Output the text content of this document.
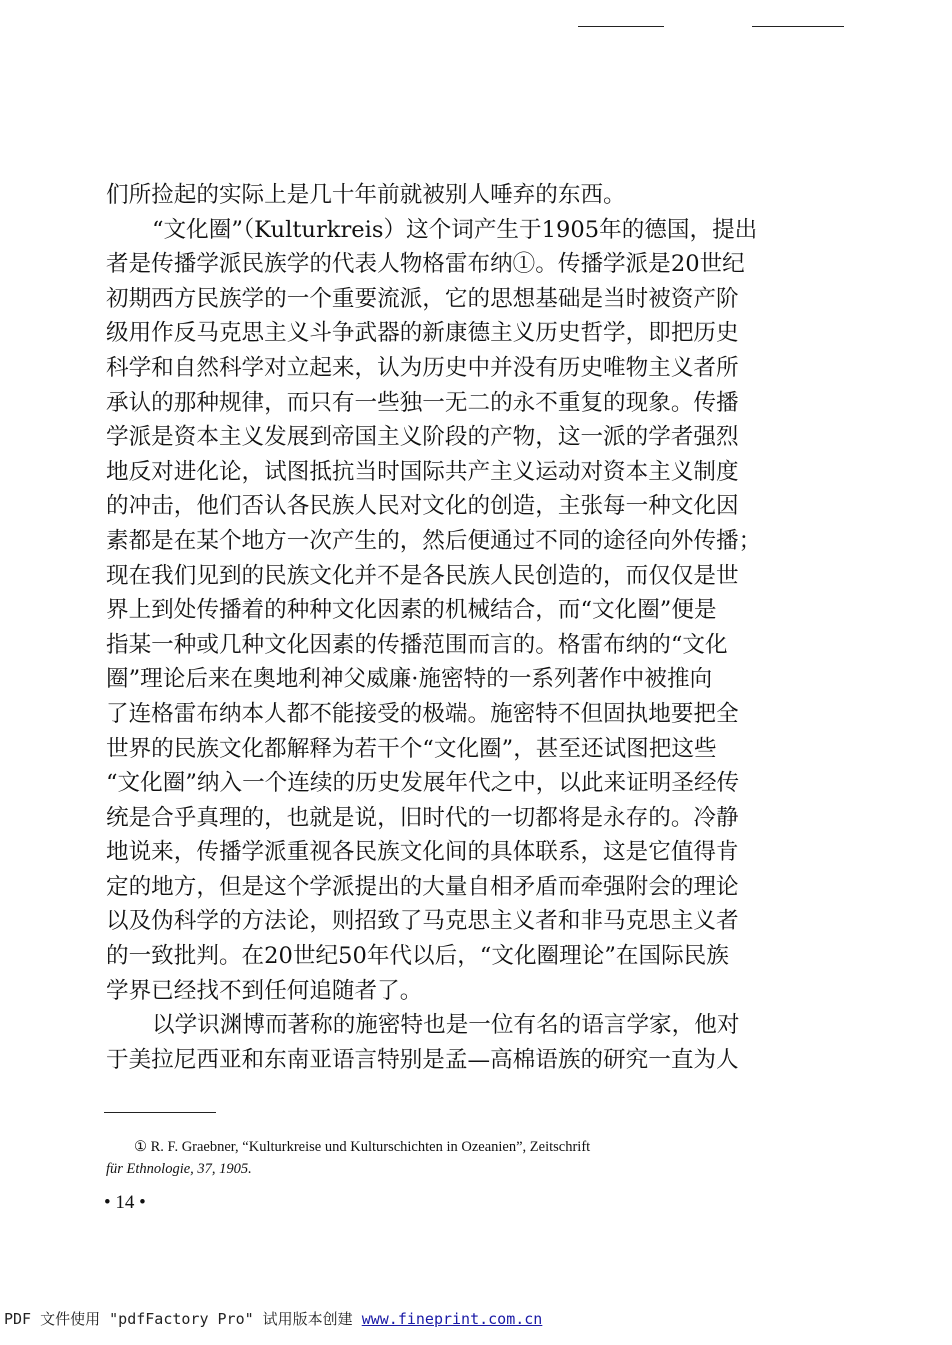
们所捡起的实际上是几十年前就被别人唾弃的东西。
“文化圈”（Kulturkreis）这个词产生于1905年的德国，提出
者是传播学派民族学的代表人物格雷布纳①。传播学派是20世纪
初期西方民族学的一个重要流派，它的思想基础是当时被资产阶
级用作反马克思主义斗争武器的新康德主义历史哲学，即把历史
科学和自然科学对立起来，认为历史中并没有历史唯物主义者所
承认的那种规律，而只有一些独一无二的永不重复的现象。传播
学派是资本主义发展到帝国主义阶段的产物，这一派的学者强烈
地反对进化论，试图抵抗当时国际共产主义运动对资本主义制度
的冲击，他们否认各民族人民对文化的创造，主张每一种文化因
素都是在某个地方一次产生的，然后便通过不同的途径向外传播；
现在我们见到的民族文化并不是各民族人民创造的，而仅仅是世
界上到处传播着的种种文化因素的机械结合，而“文化圈”便是
指某一种或几种文化因素的传播范围而言的。格雷布纳的“文化
圈”理论后来在奥地利神父威廉·施密特的一系列著作中被推向
了连格雷布纳本人都不能接受的极端。施密特不但固执地要把全
世界的民族文化都解释为若干个“文化圈”，甚至还试图把这些
“文化圈”纳入一个连续的历史发展年代之中，以此来证明圣经传
统是合乎真理的，也就是说，旧时代的一切都将是永存的。冷静
地说来，传播学派重视各民族文化间的具体联系，这是它值得肯
定的地方，但是这个学派提出的大量自相矛盾而牵强附会的理论
以及伪科学的方法论，则招致了马克思主义者和非马克思主义者
的一致批判。在20世纪50年代以后，“文化圈理论”在国际民族
学界已经找不到任何追随者了。
以学识渊博而著称的施密特也是一位有名的语言学家，他对
于美拉尼西亚和东南亚语言特别是孟—高棉语族的研究一直为人
① R. F. Graebner, “Kulturkreise und Kulturschichten in Ozeanien”, Zeitschrift
für Ethnologie, 37, 1905.
• 14 •
PDF 文件使用 "pdfFactory Pro" 试用版本创建 www.fineprint.com.cn
